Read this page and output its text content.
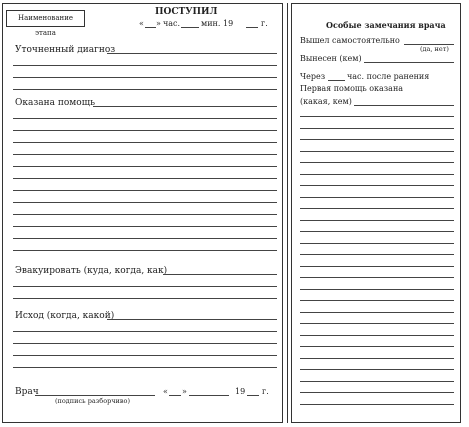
Наименование этапа
ПОСТУПИЛ
« » час.	мин. 19	г.
Уточненный диагноз
Оказана помощь
Эвакуировать (куда, когда, как)
Исход (когда, какой)
Врач
(подпись разборчиво)
« »	19 г.
Особые замечания врача
Вышел самостоятельно
(да, нет)
Вынесен (кем)
Через	час. после ранения
Первая помощь оказана
(какая, кем)
